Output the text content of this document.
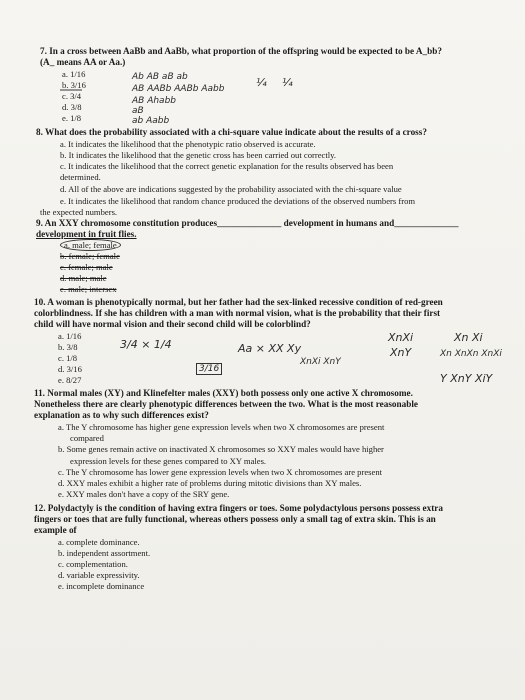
7. In a cross between AaBb and AaBb, what proportion of the offspring would be expected to be A_bb?
(A_ means AA or Aa.)
a. 1/16
b. 3/16
c. 3/4
d. 3/8
e. 1/8
Ab AB aB ab
AB AABb AABb Aabb
AB Ahabb
aB
ab Aabb
¼ ¼
8. What does the probability associated with a chi-square value indicate about the results of a cross?
a. It indicates the likelihood that the phenotypic ratio observed is accurate.
b. It indicates the likelihood that the genetic cross has been carried out correctly.
c. It indicates the likelihood that the correct genetic explanation for the results observed has been
determined.
d. All of the above are indications suggested by the probability associated with the chi-square value
e. It indicates the likelihood that random chance produced the deviations of the observed numbers from
the expected numbers.
9. An XXY chromosome constitution produces______________ development in humans and______________
development in fruit flies.
a. male; female
b. female; female
c. female; male
d. male; male
e. male; intersex
10. A woman is phenotypically normal, but her father had the sex-linked recessive condition of red-green
colorblindness. If she has children with a man with normal vision, what is the probability that their first
child will have normal vision and their second child will be colorblind?
a. 1/16
b. 3/8
c. 1/8
d. 3/16
e. 8/27
3/4 × 1/4	Aa × XX Xy
XnXi XnY
3/16
XnXi	Xn Xi
XnY	Xn XnXn XnXi
Y XnY XiY
11. Normal males (XY) and Klinefelter males (XXY) both possess only one active X chromosome.
Nonetheless there are clearly phenotypic differences between the two. What is the most reasonable
explanation as to why such differences exist?
a. The Y chromosome has higher gene expression levels when two X chromosomes are present
compared
b. Some genes remain active on inactivated X chromosomes so XXY males would have higher
expression levels for these genes compared to XY males.
c. The Y chromosome has lower gene expression levels when two X chromosomes are present
d. XXY males exhibit a higher rate of problems during mitotic divisions than XY males.
e. XXY males don't have a copy of the SRY gene.
12. Polydactyly is the condition of having extra fingers or toes. Some polydactylous persons possess extra
fingers or toes that are fully functional, whereas others possess only a small tag of extra skin. This is an
example of
a. complete dominance.
b. independent assortment.
c. complementation.
d. variable expressivity.
e. incomplete dominance
